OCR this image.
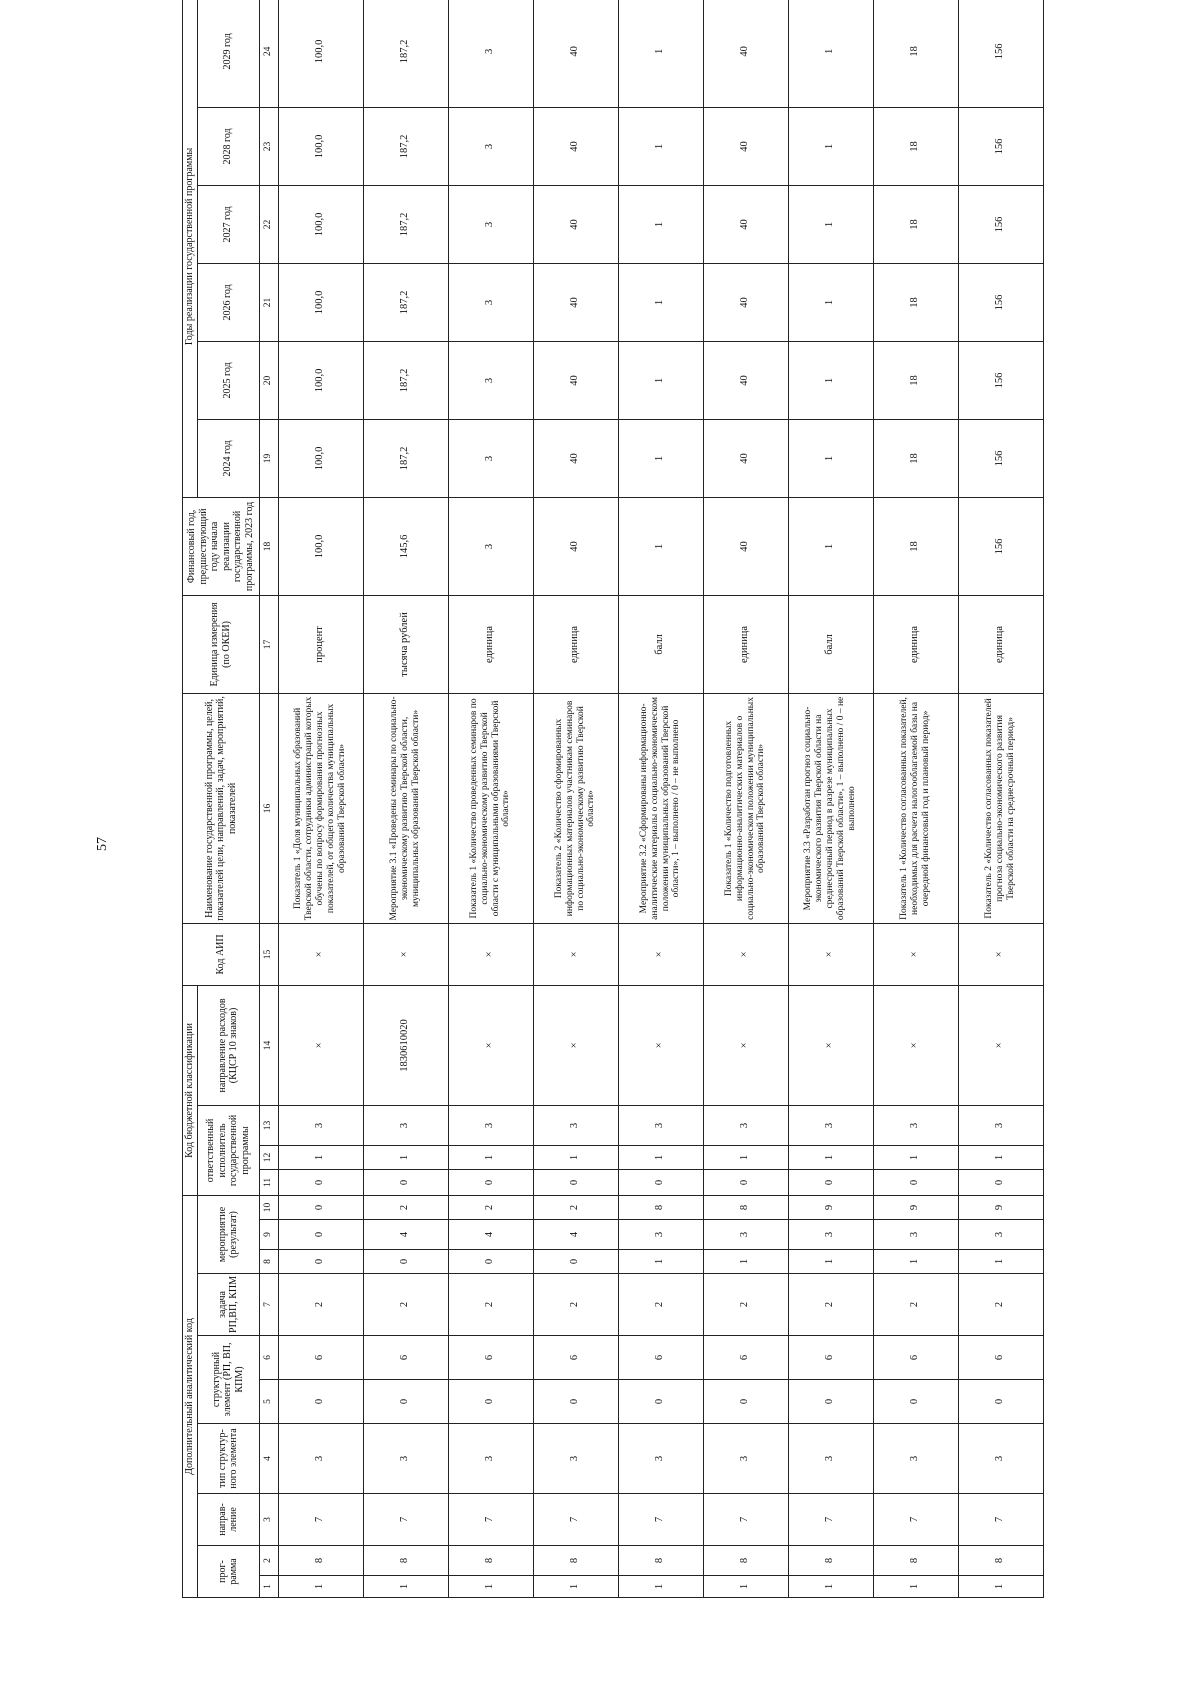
57
Дополнительный аналитический код										Код бюджетной классификации				Код АИП	Наименование государственной программы, целей, показателей цели, направлений, задач, мероприятий, показателей	Единица измерения (по ОКЕИ)	Финансовый год, предшествующий году начала реализации государственной программы, 2023 год	Годы реализации государственной программы					
прог- рамма		направ- ление	тип структур- ного элемента	структурный элемент (РП, ВП, КПМ)		задача РП,ВП, КПМ	мероприятие (результат)			ответственный исполнитель государственной программы			направление расходов (КЦСР 10 знаков)					2024 год	2025 год	2026 год	2027 год	2028 год	2029 год
1	2	3	4	5	6	7	8	9	10	11	12	13	14	15	16	17	18	19	20	21	22	23	24
1	8	7	3	0	6	2	0	0	0	0	1	3	×	×	Показатель 1 «Доля муниципальных образований Тверской области, сотрудники администраций которых обучены по вопросу формирования прогнозных показателей, от общего количества муниципальных образований Тверской области»	процент	100,0	100,0	100,0	100,0	100,0	100,0	100,0
1	8	7	3	0	6	2	0	4	2	0	1	3	1830610020	×	Мероприятие 3.1 «Проведены семинары по социально-экономическому развитию Тверской области, муниципальных образований Тверской области»	тысяча рублей	145,6	187,2	187,2	187,2	187,2	187,2	187,2
1	8	7	3	0	6	2	0	4	2	0	1	3	×	×	Показатель 1 «Количество проведенных семинаров по социально-экономическому развитию Тверской области с муниципальными образованиями Тверской области»	единица	3	3	3	3	3	3	3
1	8	7	3	0	6	2	0	4	2	0	1	3	×	×	Показатель 2 «Количество сформированных информационных материалов участникам семинаров по социально-экономическому развитию Тверской области»	единица	40	40	40	40	40	40	40
1	8	7	3	0	6	2	1	3	8	0	1	3	×	×	Мероприятие 3.2 «Сформированы информационно-аналитические материалы о социально-экономическом положении муниципальных образований Тверской области», 1 – выполнено / 0 – не выполнено	балл	1	1	1	1	1	1	1
1	8	7	3	0	6	2	1	3	8	0	1	3	×	×	Показатель 1 «Количество подготовленных информационно-аналитических материалов о социально-экономическом положении муниципальных образований Тверской области»	единица	40	40	40	40	40	40	40
1	8	7	3	0	6	2	1	3	9	0	1	3	×	×	Мероприятие 3.3 «Разработан прогноз социально-экономического развития Тверской области на среднесрочный период в разрезе муниципальных образований Тверской области», 1 – выполнено / 0 – не выполнено	балл	1	1	1	1	1	1	1
1	8	7	3	0	6	2	1	3	9	0	1	3	×	×	Показатель 1 «Количество согласованных показателей, необходимых для расчета налогооблагаемой базы на очередной финансовый год и плановый период»	единица	18	18	18	18	18	18	18
1	8	7	3	0	6	2	1	3	9	0	1	3	×	×	Показатель 2 «Количество согласованных показателей прогноза социально-экономического развития Тверской области на среднесрочный период»	единица	156	156	156	156	156	156	156
